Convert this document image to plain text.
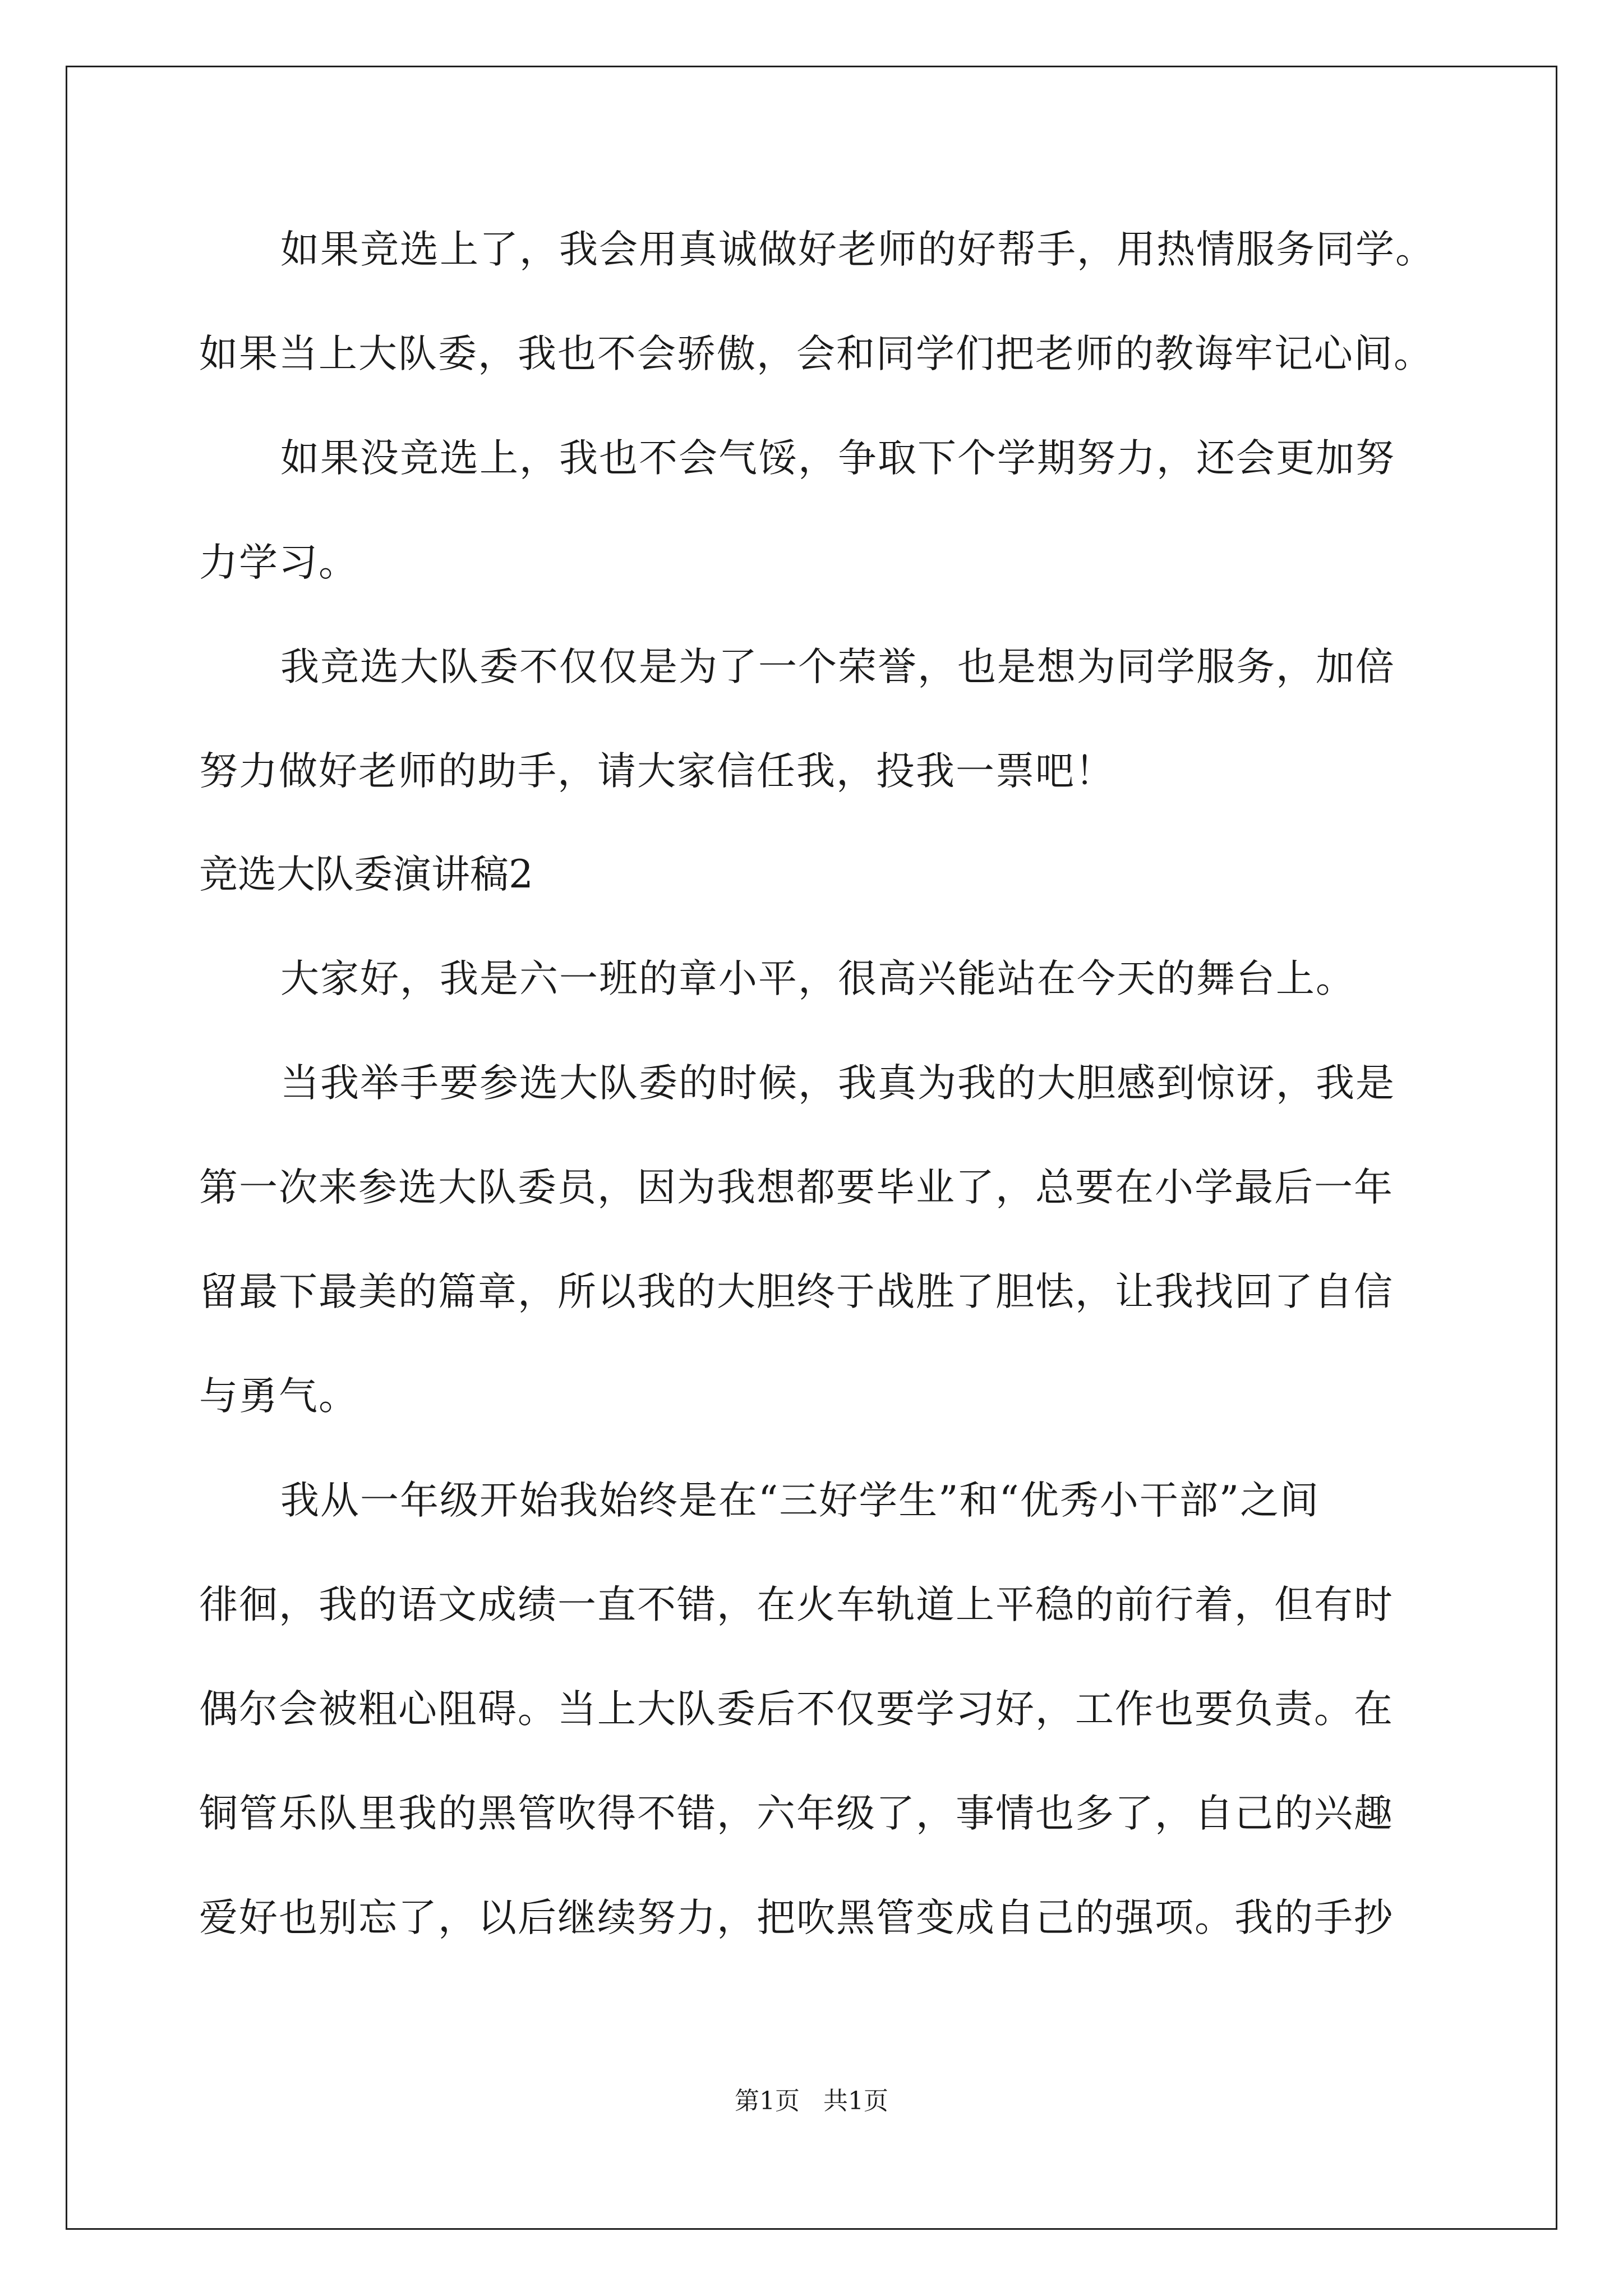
如果竞选上了，我会用真诚做好老师的好帮手，用热情服务同学。
如果当上大队委，我也不会骄傲，会和同学们把老师的教诲牢记心间。
如果没竞选上，我也不会气馁，争取下个学期努力，还会更加努
力学习。
我竞选大队委不仅仅是为了一个荣誉，也是想为同学服务，加倍
努力做好老师的助手，请大家信任我，投我一票吧！
竞选大队委演讲稿2
大家好，我是六一班的章小平，很高兴能站在今天的舞台上。
当我举手要参选大队委的时候，我真为我的大胆感到惊讶，我是
第一次来参选大队委员，因为我想都要毕业了，总要在小学最后一年
留最下最美的篇章，所以我的大胆终于战胜了胆怯，让我找回了自信
与勇气。
我从一年级开始我始终是在“三好学生”和“优秀小干部”之间
徘徊，我的语文成绩一直不错，在火车轨道上平稳的前行着，但有时
偶尔会被粗心阻碍。当上大队委后不仅要学习好，工作也要负责。在
铜管乐队里我的黑管吹得不错，六年级了，事情也多了，自己的兴趣
爱好也别忘了，以后继续努力，把吹黑管变成自己的强项。我的手抄
第1页   共1页
